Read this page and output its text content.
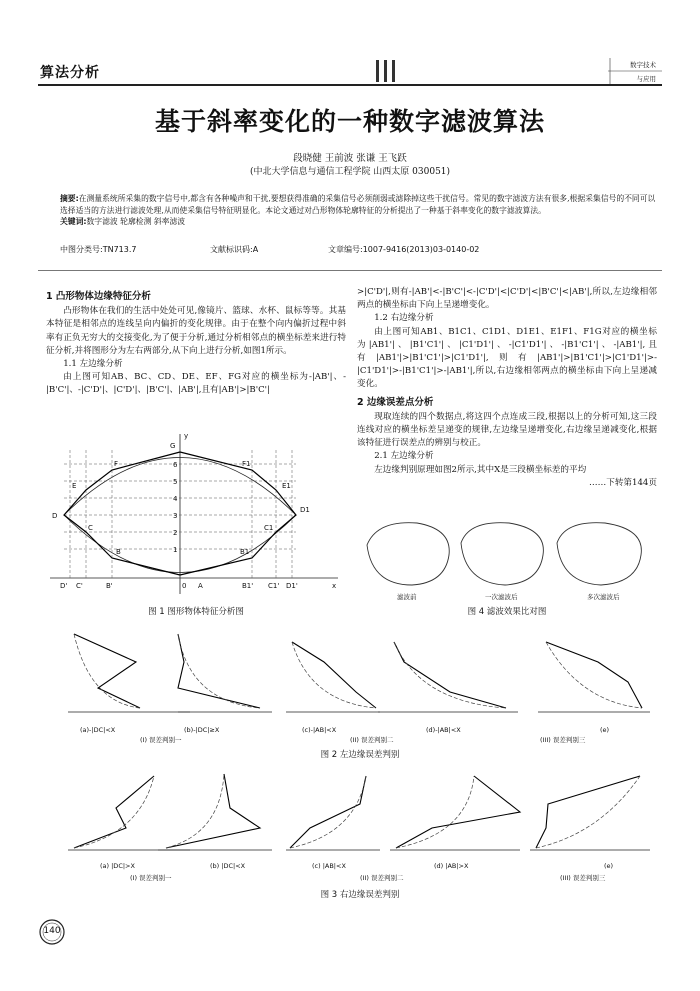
算法分析	数字技术
与应用
基于斜率变化的一种数字滤波算法
段晓健 王前波 张谦 王飞跃
(中北大学信息与通信工程学院 山西太原 030051)
摘要:在测量系统所采集的数字信号中,都含有各种噪声和干扰,要想获得准确的采集信号必须削弱或滤除掉这些干扰信号。常见的数字滤波方法有很多,根据采集信号的不同可以选择适当的方法进行滤波处理,从而使采集信号特征明显化。本论文通过对凸形物体轮廓特征的分析提出了一种基于斜率变化的数字滤波算法。
关键词:数字滤波 轮廓检测 斜率滤波
中图分类号:TN713.7	文献标识码:A	文章编号:1007-9416(2013)03-0140-02
1 凸形物体边缘特征分析

凸形物体在我们的生活中处处可见,像镜片、篮球、水杯、鼠标等等。其基本特征是相邻点的连线呈向内偏折的变化规律。由于在整个向内偏折过程中斜率有正负无穷大的交接变化,为了便于分析,通过分析相邻点的横坐标差来进行特征分析,并将图形分为左右两部分,从下向上进行分析,如图1所示。

1.1 左边缘分析

由上图可知AB、BC、CD、DE、EF、FG对应的横坐标为-|AB'|、-|B'C'|、-|C'D'|、|C'D'|、|B'C'|、|AB'|,且有|AB'|>|B'C'|

>|C'D'|,则有-|AB'|<-|B'C'|<-|C'D'|<|C'D'|<|B'C'|<|AB'|,所以,左边缘相邻两点的横坐标由下向上呈递增变化。

1.2 右边缘分析

由上图可知AB1、B1C1、C1D1、D1E1、E1F1、F1G对应的横坐标为|AB1'|、|B1'C1'|、|C1'D1'|、-|C1'D1'|、-|B1'C1'|、-|AB1'|,且有|AB1'|>|B1'C1'|>|C1'D1'|,则有|AB1'|>|B1'C1'|>|C1'D1'|>-|C1'D1'|>-|B1'C1'|>-|AB1'|,所以,右边缘相邻两点的横坐标由下向上呈递减变化。

2 边缘误差点分析

现取连续的四个数据点,将这四个点连成三段,根据以上的分析可知,这三段连线对应的横坐标差呈递变的规律,左边缘呈递增变化,右边缘呈递减变化,根据该特征进行误差点的辨别与校正。

2.1 左边缘分析

左边缘判别原理如图2所示,其中X是三段横坐标差的平均

……下转第144页
y
x
G
F	F1
E	E1
D
D1
C	C1
B	B1
0 A
D' C'	B'	B1' C1' D1'
6
5
4
3
2
1
图 1 图形物体特征分析图
滤波前	一次滤波后	多次滤波后
图 4 滤波效果比对图
(a)-|DC|<X	(b)-|DC|≥X	(c)-|AB|<X	(d)-|AB|<X	(e)
(I) 误差判别一	(II) 误差判别二	(III) 误差判别三
图 2 左边缘误差判别
(a) |DC|>X	(b) |DC|<X	(c) |AB|<X	(d) |AB|>X	(e)
(I) 误差判别一	(II) 误差判别二	(III) 误差判别三
图 3 右边缘误差判别
140
